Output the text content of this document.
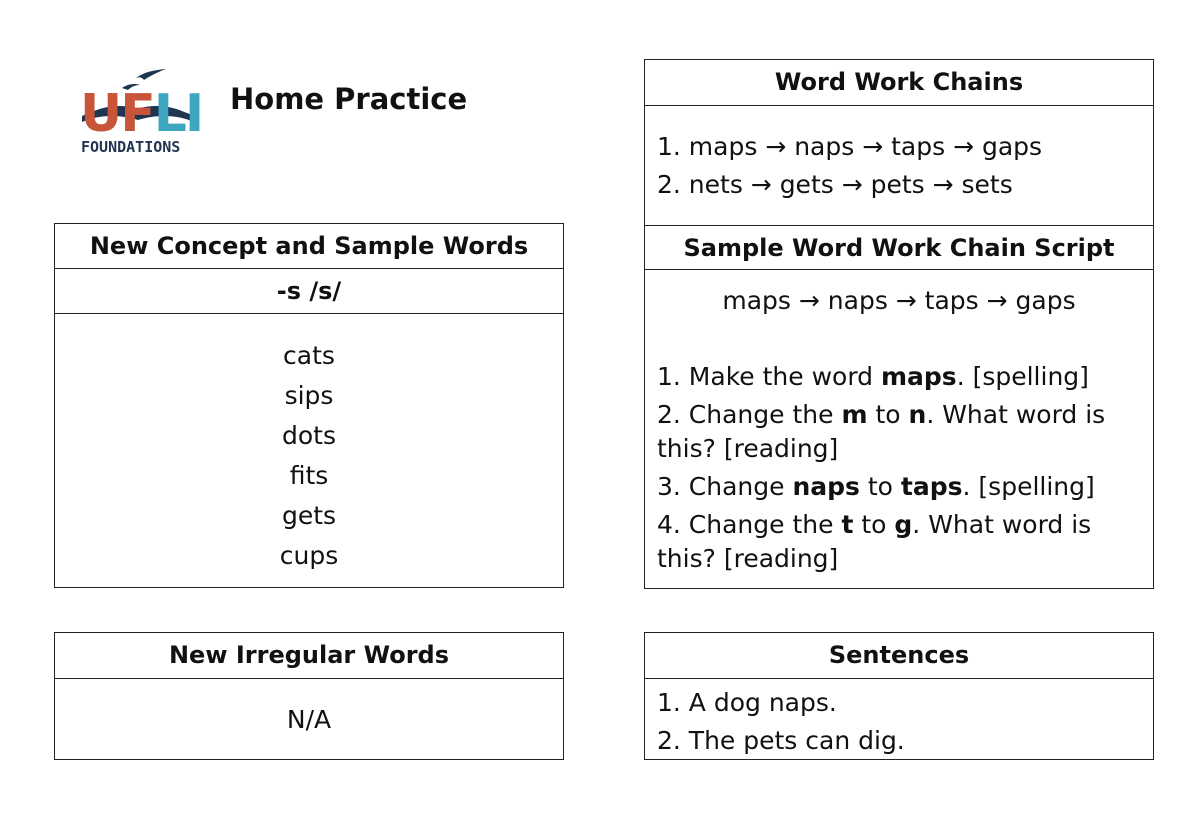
UFLI
FOUNDATIONS
Home Practice
New Concept and Sample Words
-s /s/
cats
sips
dots
fits
gets
cups
New Irregular Words
N/A
Word Work Chains
1. maps → naps → taps → gaps
2. nets → gets → pets → sets
Sample Word Work Chain Script
maps → naps → taps → gaps
1. Make the word maps. [spelling]
2. Change the m to n. What word is this? [reading]
3. Change naps to taps. [spelling]
4. Change the t to g. What word is this? [reading]
Sentences
1. A dog naps.
2. The pets can dig.
